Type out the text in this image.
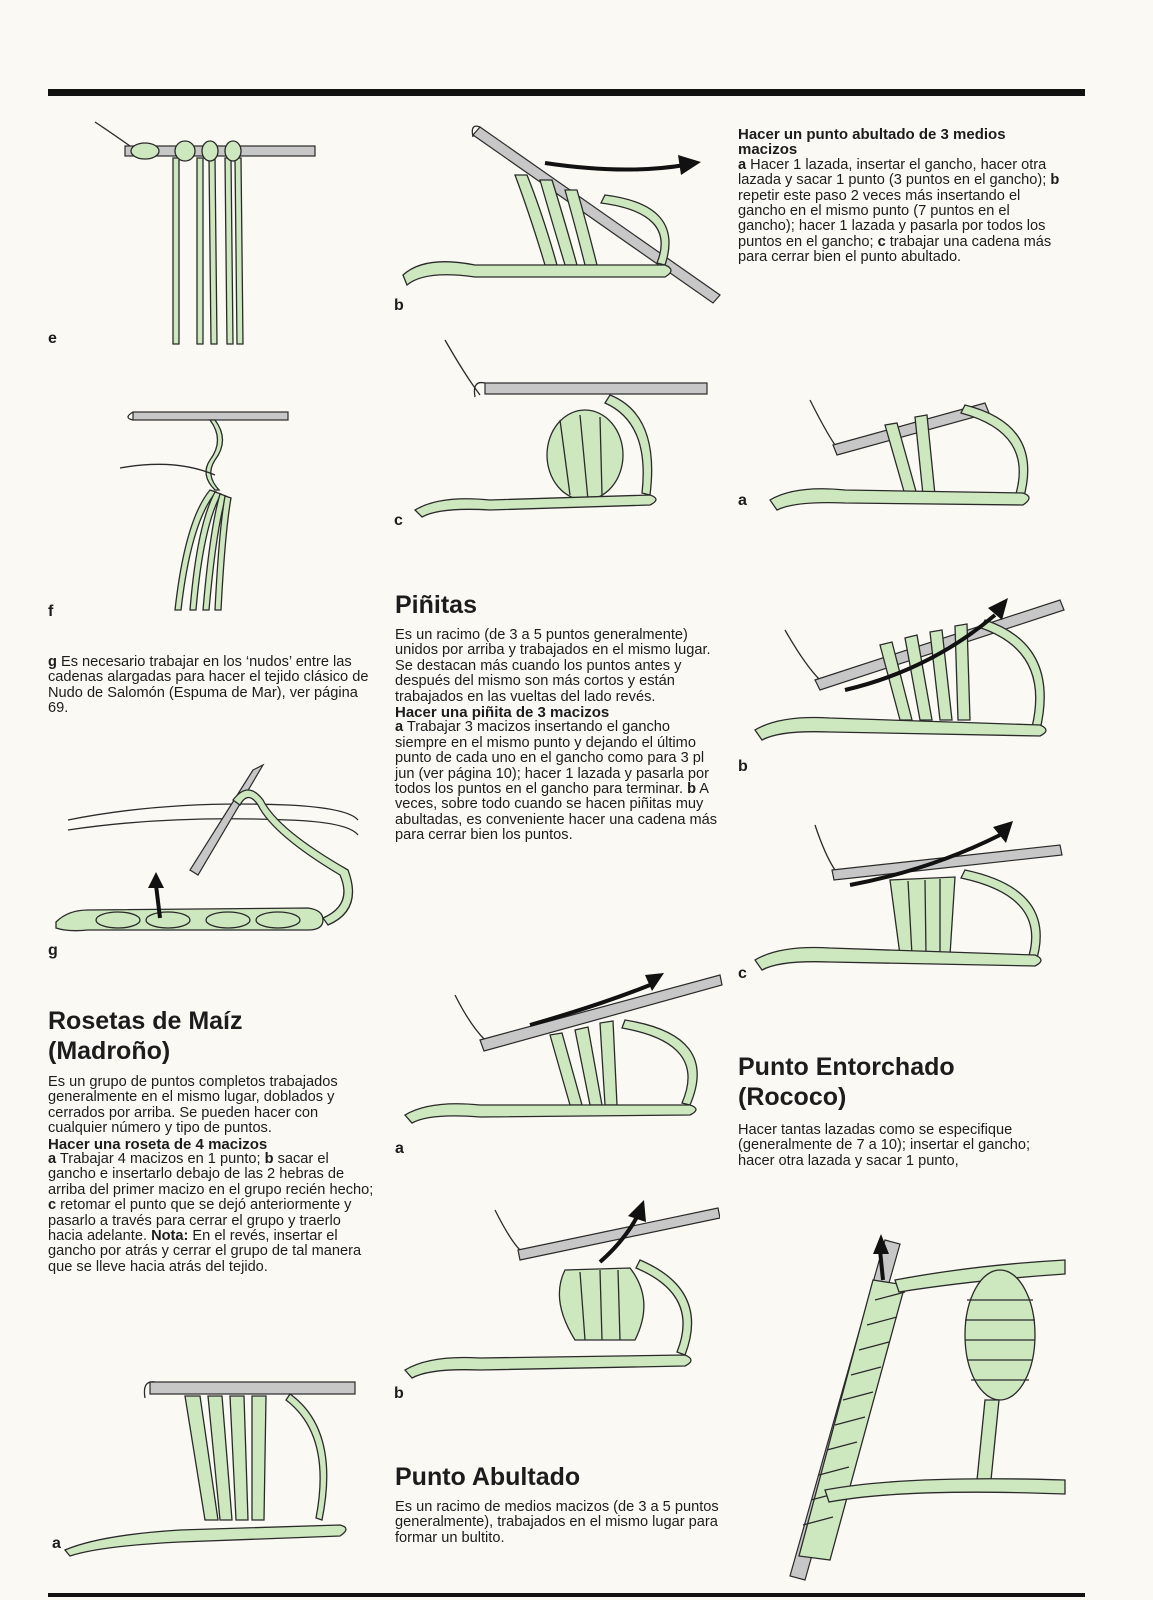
e
f

g Es necesario trabajar en los ‘nudos’ entre las cadenas alargadas para hacer el tejido clásico de Nudo de Salomón (Espuma de Mar), ver página 69.

g
Rosetas de Maíz
(Madroño)

Es un grupo de puntos completos trabajados generalmente en el mismo lugar, doblados y cerrados por arriba. Se pueden hacer con cualquier número y tipo de puntos.

Hacer una roseta de 4 macizos

a Trabajar 4 macizos en 1 punto; b sacar el gancho e insertarlo debajo de las 2 hebras de arriba del primer macizo en el grupo recién hecho; c retomar el punto que se dejó anteriormente y pasarlo a través para cerrar el grupo y traerlo hacia adelante. Nota: En el revés, insertar el gancho por atrás y cerrar el grupo de tal manera que se lleve hacia atrás del tejido.

a
b
c
Piñitas

Es un racimo (de 3 a 5 puntos generalmente) unidos por arriba y trabajados en el mismo lugar. Se destacan más cuando los puntos antes y después del mismo son más cortos y están trabajados en las vueltas del lado revés.

Hacer una piñita de 3 macizos

a Trabajar 3 macizos insertando el gancho siempre en el mismo punto y dejando el último punto de cada uno en el gancho como para 3 pl jun (ver página 10); hacer 1 lazada y pasarla por todos los puntos en el gancho para terminar. b A veces, sobre todo cuando se hacen piñitas muy abultadas, es conveniente hacer una cadena más para cerrar bien los puntos.

a
b
Punto Abultado
Es un racimo de medios macizos (de 3 a 5 puntos generalmente), trabajados en el mismo lugar para formar un bultito.

Hacer un punto abultado de 3 medios macizos

a Hacer 1 lazada, insertar el gancho, hacer otra lazada y sacar 1 punto (3 puntos en el gancho); b repetir este paso 2 veces más insertando el gancho en el mismo punto (7 puntos en el gancho); hacer 1 lazada y pasarla por todos los puntos en el gancho; c trabajar una cadena más para cerrar bien el punto abultado.

a
b
c
Punto Entorchado
(Rococo)
Hacer tantas lazadas como se especifique (generalmente de 7 a 10); insertar el gancho; hacer otra lazada y sacar 1 punto,
